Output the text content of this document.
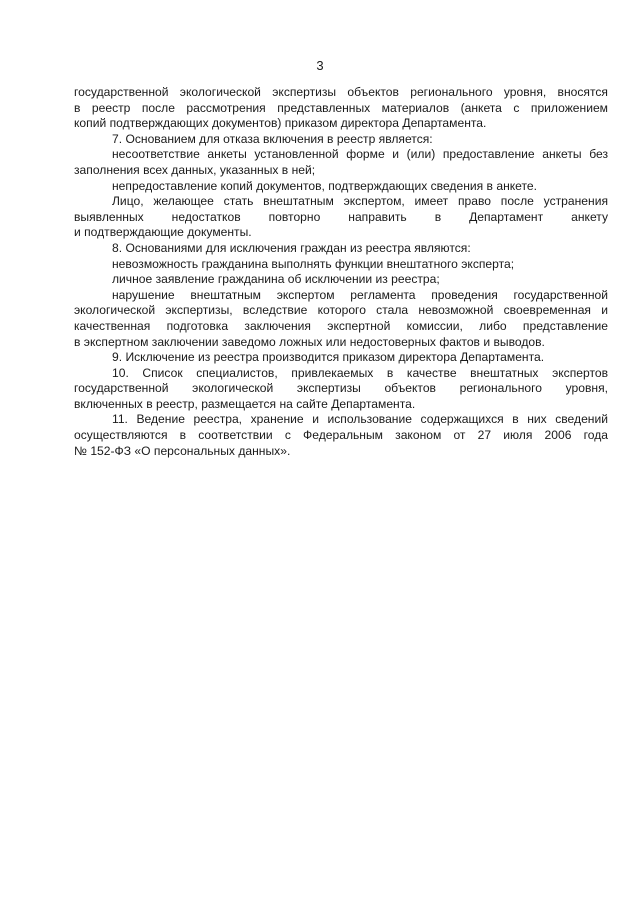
3
государственной экологической экспертизы объектов регионального уровня, вносятся
в реестр после рассмотрения представленных материалов (анкета с приложением
копий подтверждающих документов) приказом директора Департамента.
7. Основанием для отказа включения в реестр является:
несоответствие анкеты установленной форме и (или) предоставление анкеты без
заполнения всех данных, указанных в ней;
непредоставление копий документов, подтверждающих сведения в анкете.
Лицо, желающее стать внештатным экспертом, имеет право после устранения
выявленных недостатков повторно направить в Департамент анкету
и подтверждающие документы.
8. Основаниями для исключения граждан из реестра являются:
невозможность гражданина выполнять функции внештатного эксперта;
личное заявление гражданина об исключении из реестра;
нарушение внештатным экспертом регламента проведения государственной
экологической экспертизы, вследствие которого стала невозможной своевременная и
качественная подготовка заключения экспертной комиссии, либо представление
в экспертном заключении заведомо ложных или недостоверных фактов и выводов.
9. Исключение из реестра производится приказом директора Департамента.
10. Список специалистов, привлекаемых в качестве внештатных экспертов
государственной экологической экспертизы объектов регионального уровня,
включенных в реестр, размещается на сайте Департамента.
11. Ведение реестра, хранение и использование содержащихся в них сведений
осуществляются в соответствии с Федеральным законом от 27 июля 2006 года
№ 152-ФЗ «О персональных данных».
